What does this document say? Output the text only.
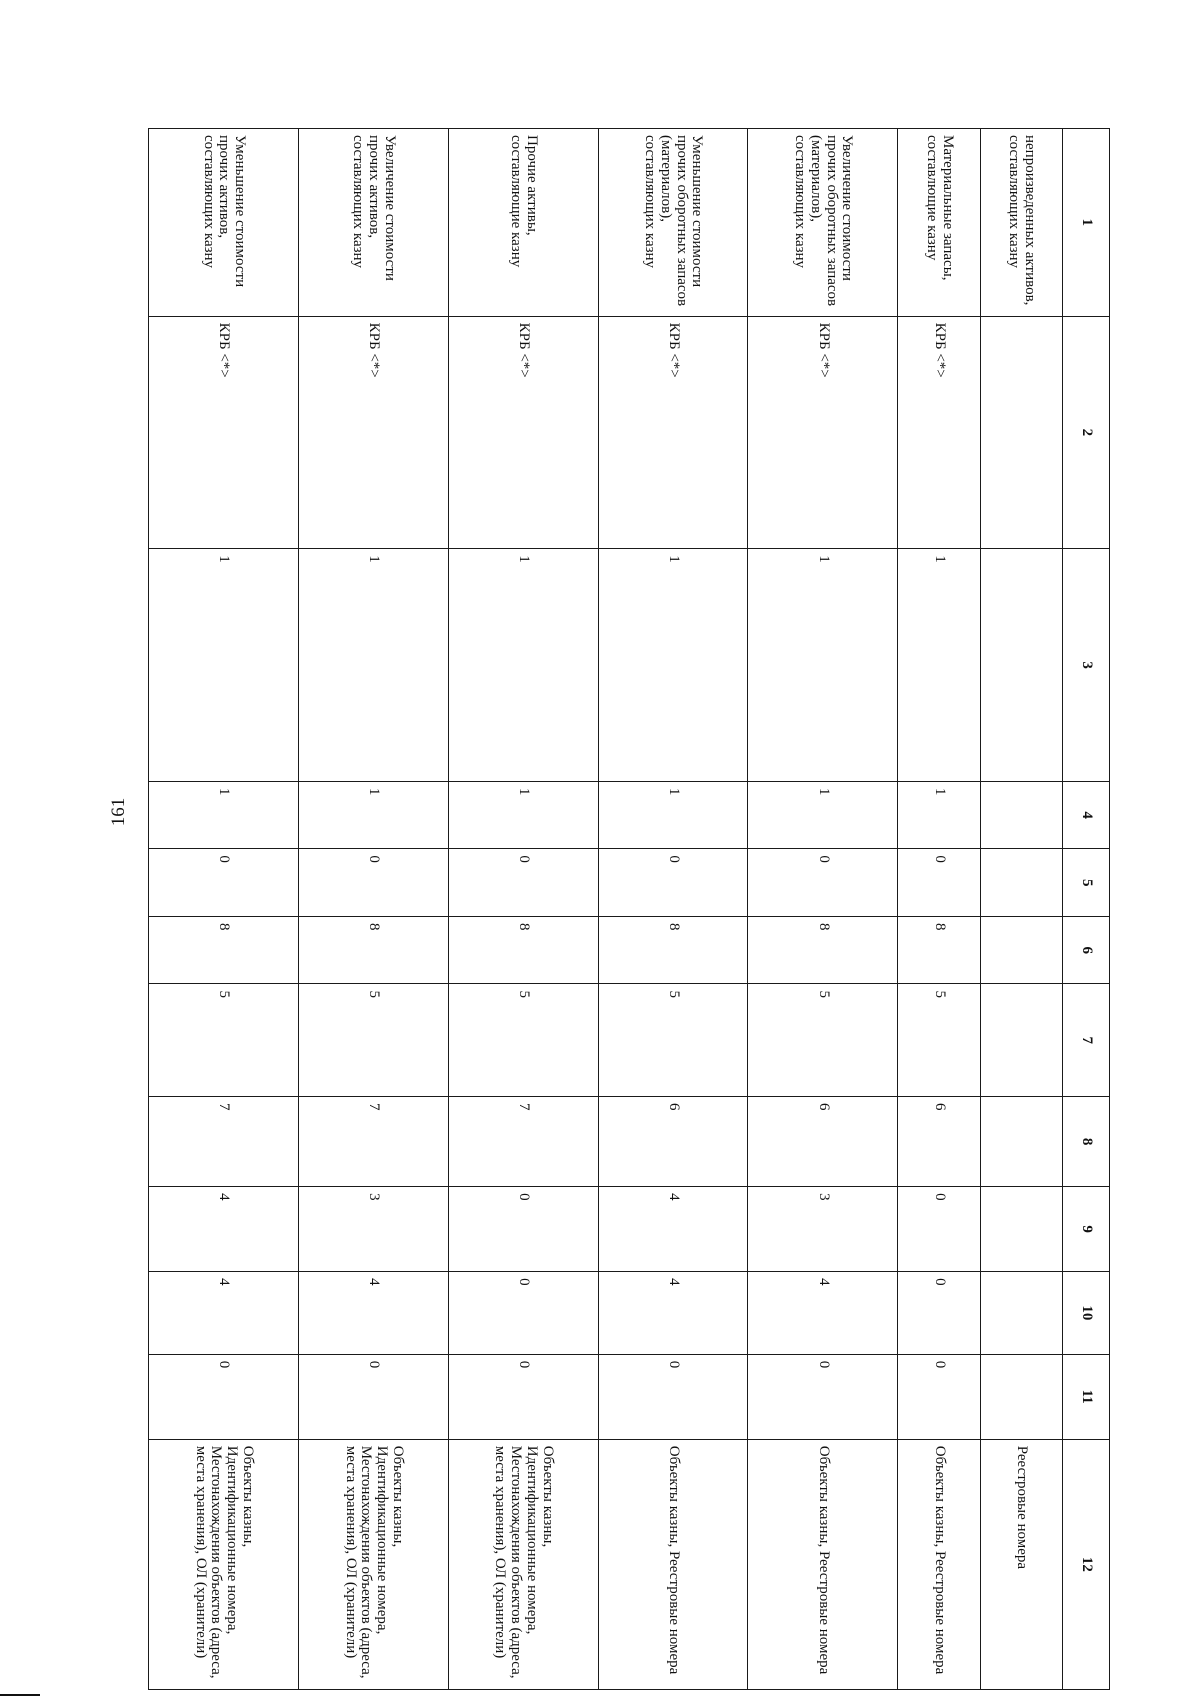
161
1	2	3	4	5	6	7	8	9	10	11	12
непроизведенных активов, составляющих казну											Реестровые номера
Материальные запасы, составлющие казну	КРБ <*>	1	1	0	8	5	6	0	0	0	Объекты казны, Реестровые номера
Увеличение стоимости прочих оборотных запасов (материалов), составляющих казну	КРБ <*>	1	1	0	8	5	6	3	4	0	Объекты казны, Реестровые номера
Уменьшение стоимости прочих оборотных запасов (материалов), составляющих казну	КРБ <*>	1	1	0	8	5	6	4	4	0	Объекты казны, Реестровые номера
Прочие активы, составляющие казну	КРБ <*>	1	1	0	8	5	7	0	0	0	Объекты казны, Идентификационные номера, Местонахождения объектов (адреса, места хранения), ОЛ (хранители)
Увеличение стоимости прочих активов, составляющих казну	КРБ <*>	1	1	0	8	5	7	3	4	0	Объекты казны, Идентификационные номера, Местонахождения объектов (адреса, места хранения), ОЛ (хранители)
Уменьшение стоимости прочих активов, составляющих казну	КРБ <*>	1	1	0	8	5	7	4	4	0	Объекты казны, Идентификационные номера, Местонахождения объектов (адреса, места хранения), ОЛ (хранители)
